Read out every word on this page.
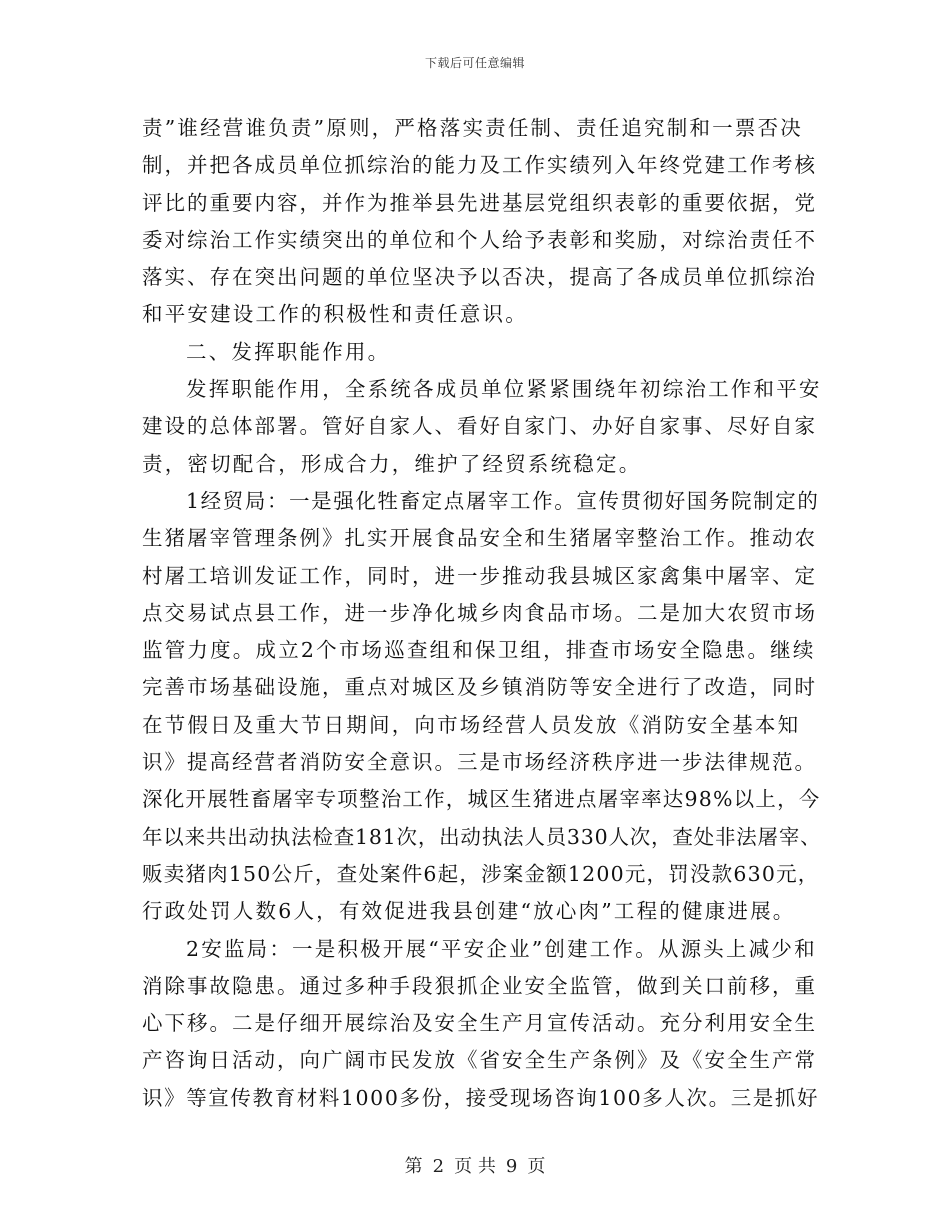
下载后可任意编辑
责”谁经营谁负责”原则，严格落实责任制、责任追究制和一票否决
制，并把各成员单位抓综治的能力及工作实绩列入年终党建工作考核
评比的重要内容，并作为推举县先进基层党组织表彰的重要依据，党
委对综治工作实绩突出的单位和个人给予表彰和奖励，对综治责任不
落实、存在突出问题的单位坚决予以否决，提高了各成员单位抓综治
和平安建设工作的积极性和责任意识。
二、发挥职能作用。
发挥职能作用，全系统各成员单位紧紧围绕年初综治工作和平安
建设的总体部署。管好自家人、看好自家门、办好自家事、尽好自家
责，密切配合，形成合力，维护了经贸系统稳定。
1经贸局：一是强化牲畜定点屠宰工作。宣传贯彻好国务院制定的
生猪屠宰管理条例》扎实开展食品安全和生猪屠宰整治工作。推动农
村屠工培训发证工作，同时，进一步推动我县城区家禽集中屠宰、定
点交易试点县工作，进一步净化城乡肉食品市场。二是加大农贸市场
监管力度。成立2个市场巡查组和保卫组，排查市场安全隐患。继续
完善市场基础设施，重点对城区及乡镇消防等安全进行了改造，同时
在节假日及重大节日期间，向市场经营人员发放《消防安全基本知
识》提高经营者消防安全意识。三是市场经济秩序进一步法律规范。
深化开展牲畜屠宰专项整治工作，城区生猪进点屠宰率达98%以上，今
年以来共出动执法检查181次，出动执法人员330人次，查处非法屠宰、
贩卖猪肉150公斤，查处案件6起，涉案金额1200元，罚没款630元，
行政处罚人数6人，有效促进我县创建“放心肉”工程的健康进展。
2安监局：一是积极开展“平安企业”创建工作。从源头上减少和
消除事故隐患。通过多种手段狠抓企业安全监管，做到关口前移，重
心下移。二是仔细开展综治及安全生产月宣传活动。充分利用安全生
产咨询日活动，向广阔市民发放《省安全生产条例》及《安全生产常
识》等宣传教育材料1000多份，接受现场咨询100多人次。三是抓好
第 2 页 共 9 页
